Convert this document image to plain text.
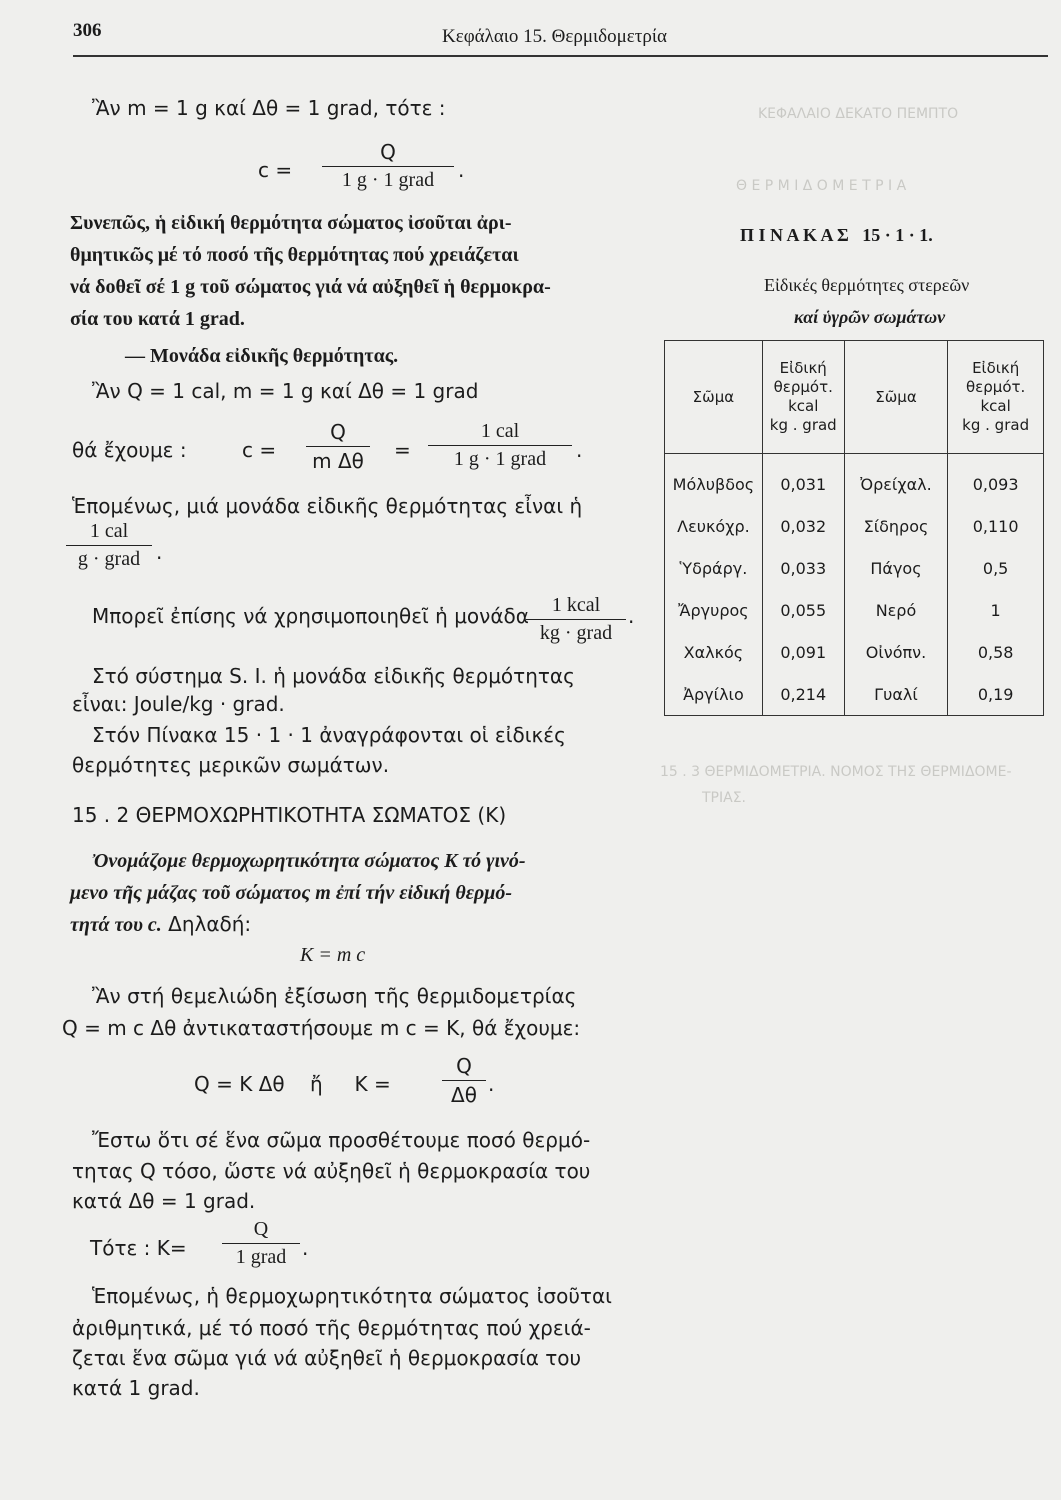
ΚΕΦΑΛΑΙΟ ΔΕΚΑΤΟ ΠΕΜΠΤΟ
Θ Ε Ρ Μ Ι Δ Ο Μ Ε Τ Ρ Ι Α
15 . 3 ΘΕΡΜΙΔΟΜΕΤΡΙΑ. ΝΟΜΟΣ ΤΗΣ ΘΕΡΜΙΔΟΜΕ-
ΤΡΙΑΣ.
306	Κεφάλαιο 15. Θερμιδομετρία
Ἂν m = 1 g καί Δθ = 1 grad, τότε :
c =
Q
1 g · 1 grad	.
Συνεπῶς, ἡ εἰδική θερμότητα σώματος ἰσοῦται ἀρι-
θμητικῶς μέ τό ποσό τῆς θερμότητας πού χρειάζεται
νά δοθεῖ σέ 1 g τοῦ σώματος γιά νά αὐξηθεῖ ἡ θερμοκρα-
σία του κατά 1 grad.
— Μονάδα εἰδικῆς θερμότητας.
Ἂν Q = 1 cal, m = 1 g καί Δθ = 1 grad
θά ἔχουμε :	c =
Q
m Δθ	=
1 cal
1 g · 1 grad	.
Ἑπομένως, μιά μονάδα εἰδικῆς θερμότητας εἶναι ἡ
1 cal
g · grad .
Μπορεῖ ἐπίσης νά χρησιμοποιηθεῖ ἡ μονάδα	1 kcal
kg · grad
.
Στό σύστημα S. I. ἡ μονάδα εἰδικῆς θερμότητας
εἶναι: Joule/kg · grad.
Στόν Πίνακα 15 · 1 · 1 ἀναγράφονται οἱ εἰδικές
θερμότητες μερικῶν σωμάτων.
15 . 2 ΘΕΡΜΟΧΩΡΗΤΙΚΟΤΗΤΑ ΣΩΜΑΤΟΣ (Κ)
Ὀνομάζομε θερμοχωρητικότητα σώματος Κ τό γινό-
μενο τῆς μάζας τοῦ σώματος m ἐπί τήν εἰδική θερμό-
τητά του c. Δηλαδή:
K = m c
Ἂν στή θεμελιώδη ἐξίσωση τῆς θερμιδομετρίας
Q = m c Δθ ἀντικαταστήσουμε m c = K, θά ἔχουμε:
Q = K Δθ    ἤ     K =
Q
Δθ .
Ἔστω ὅτι σέ ἕνα σῶμα προσθέτουμε ποσό θερμό-
τητας Q τόσο, ὥστε νά αὐξηθεῖ ἡ θερμοκρασία του
κατά Δθ = 1 grad.
Τότε : K=
Q
1 grad .
Ἑπομένως, ἡ θερμοχωρητικότητα σώματος ἰσοῦται
ἀριθμητικά, μέ τό ποσό τῆς θερμότητας πού χρειά-
ζεται ἕνα σῶμα γιά νά αὐξηθεῖ ἡ θερμοκρασία του
κατά 1 grad.
Π Ι Ν Α Κ Α Σ   15 · 1 · 1.
Εἰδικές θερμότητες στερεῶν
καί ὑγρῶν σωμάτων
Σῶμα	Εἰδική
θερμότ.
kcal
kg . grad	Σῶμα	Εἰδική
θερμότ.
kcal
kg . grad
Μόλυβδος	0,031	Ὀρείχαλ.	0,093
Λευκόχρ.	0,032	Σίδηρος	0,110
Ὑδράργ.	0,033	Πάγος	0,5
Ἄργυρος	0,055	Νερό	1
Χαλκός	0,091	Οἰνόπν.	0,58
Ἀργίλιο	0,214	Γυαλί	0,19
